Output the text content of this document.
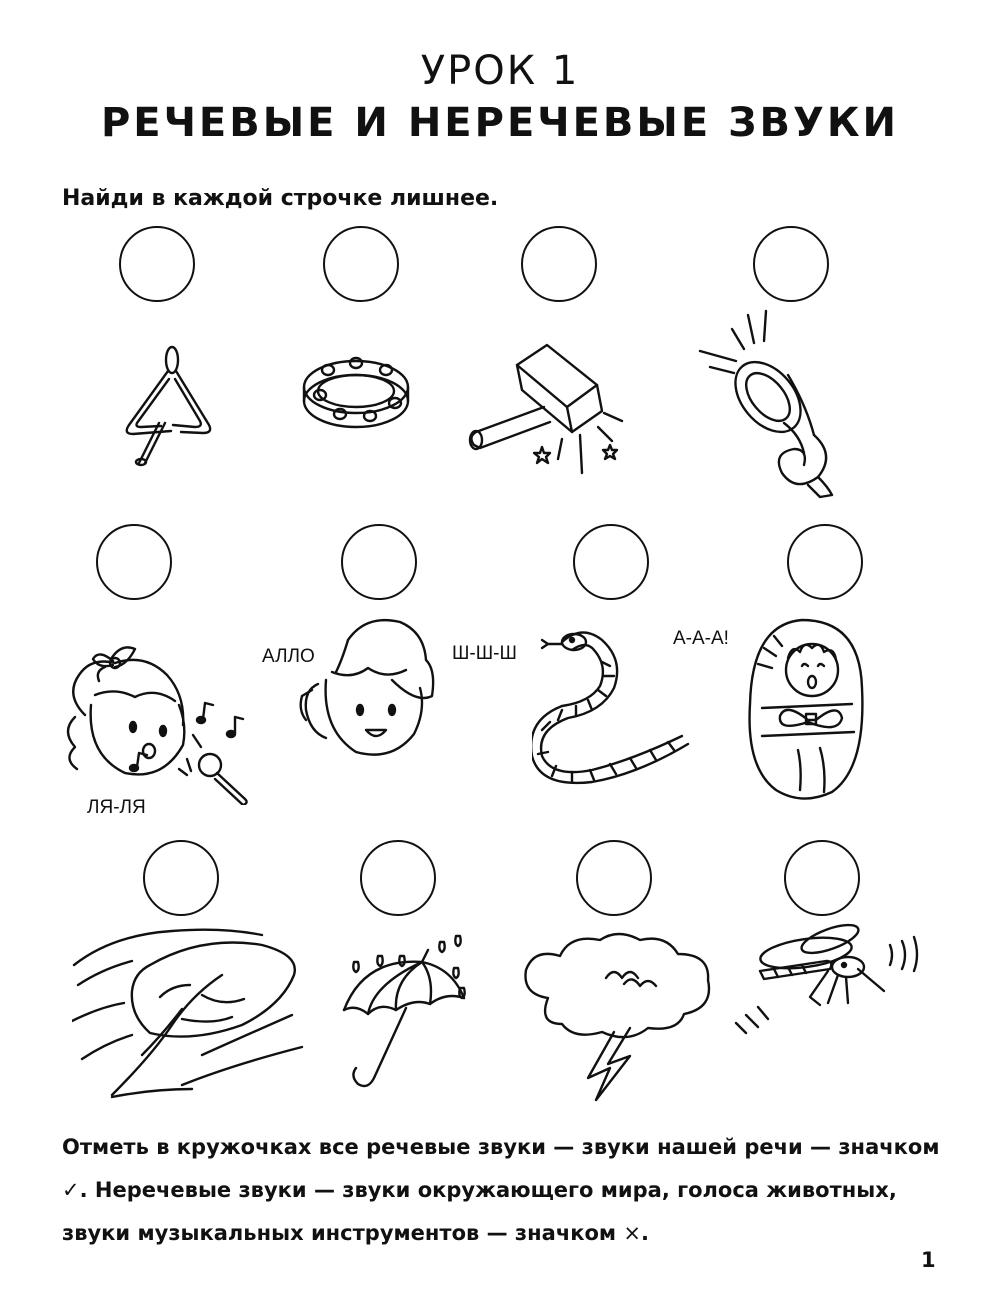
УРОК 1
РЕЧЕВЫЕ И НЕРЕЧЕВЫЕ ЗВУКИ
Найди в каждой строчке лишнее.
ЛЯ-ЛЯ
АЛЛО	Ш-Ш-Ш
А-А-А!
Отметь в кружочках все речевые звуки — звуки нашей речи — значком ✓. Неречевые звуки — звуки окружающего мира, голоса животных, звуки музыкальных инструментов — значком ×.
1
